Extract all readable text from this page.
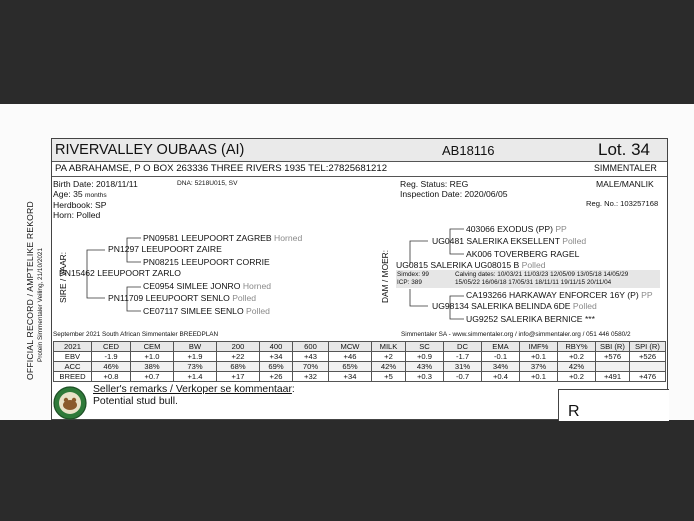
OFFICIAL RECORD / AMPTELIKE REKORD Protein Simmentaler Veiling, 21/10/2021
RIVERVALLEY OUBAAS (AI)	AB18116	Lot. 34
PA ABRAHAMSE, P O BOX 263336 THREE RIVERS 1935 TEL:27825681212	SIMMENTALER
Birth Date: 2018/11/11	DNA: 5218U015, SV
Age: 35 months
Herdbook: SP
Horn: Polled
Reg. Status: REG
Inspection Date: 2020/06/05
MALE/MANLIK
Reg. No.: 103257168
SIRE / VAAR:	DAM / MOER:
PN09581 LEEUPOORT ZAGREB Horned
PN1297 LEEUPOORT ZAIRE
PN08215 LEEUPOORT CORRIE
PN15462 LEEUPOORT ZARLO
CE0954 SIMLEE JONRO Horned
PN11709 LEEUPOORT SENLO Polled
CE07117 SIMLEE SENLO Polled
403066 EXODUS (PP) PP
UG0481 SALERIKA EKSELLENT Polled
AK006 TOVERBERG RAGEL
UG0815 SALERIKA UG08015 B Polled
Simdex: 99
ICP: 389
Calving dates: 10/03/21 11/03/23 12/05/09 13/05/18 14/05/29
15/05/22 16/06/18 17/05/31 18/11/11 19/11/15 20/11/04
CA193266 HARKAWAY ENFORCER 16Y (P) PP
UG98134 SALERIKA BELINDA 6DE Polled
UG9252 SALERIKA BERNICE ***
September 2021 South African Simmentaler BREEDPLAN	Simmentaler SA - www.simmentaler.org / info@simmentaler.org / 051 446 0580/2
2021	CED	CEM	BW	200	400	600	MCW	MILK	SC	DC	EMA	IMF%	RBY%	SBI (R)	SPI (R)
EBV	-1.9	+1.0	+1.9	+22	+34	+43	+46	+2	+0.9	-1.7	-0.1	+0.1	+0.2	+576	+526
ACC	46%	38%	73%	68%	69%	70%	65%	42%	43%	31%	34%	37%	42%		
BREED	+0.8	+0.7	+1.4	+17	+26	+32	+34	+5	+0.3	-0.7	+0.4	+0.1	+0.2	+491	+476
Seller's remarks / Verkoper se kommentaar:
Potential stud bull.
R
